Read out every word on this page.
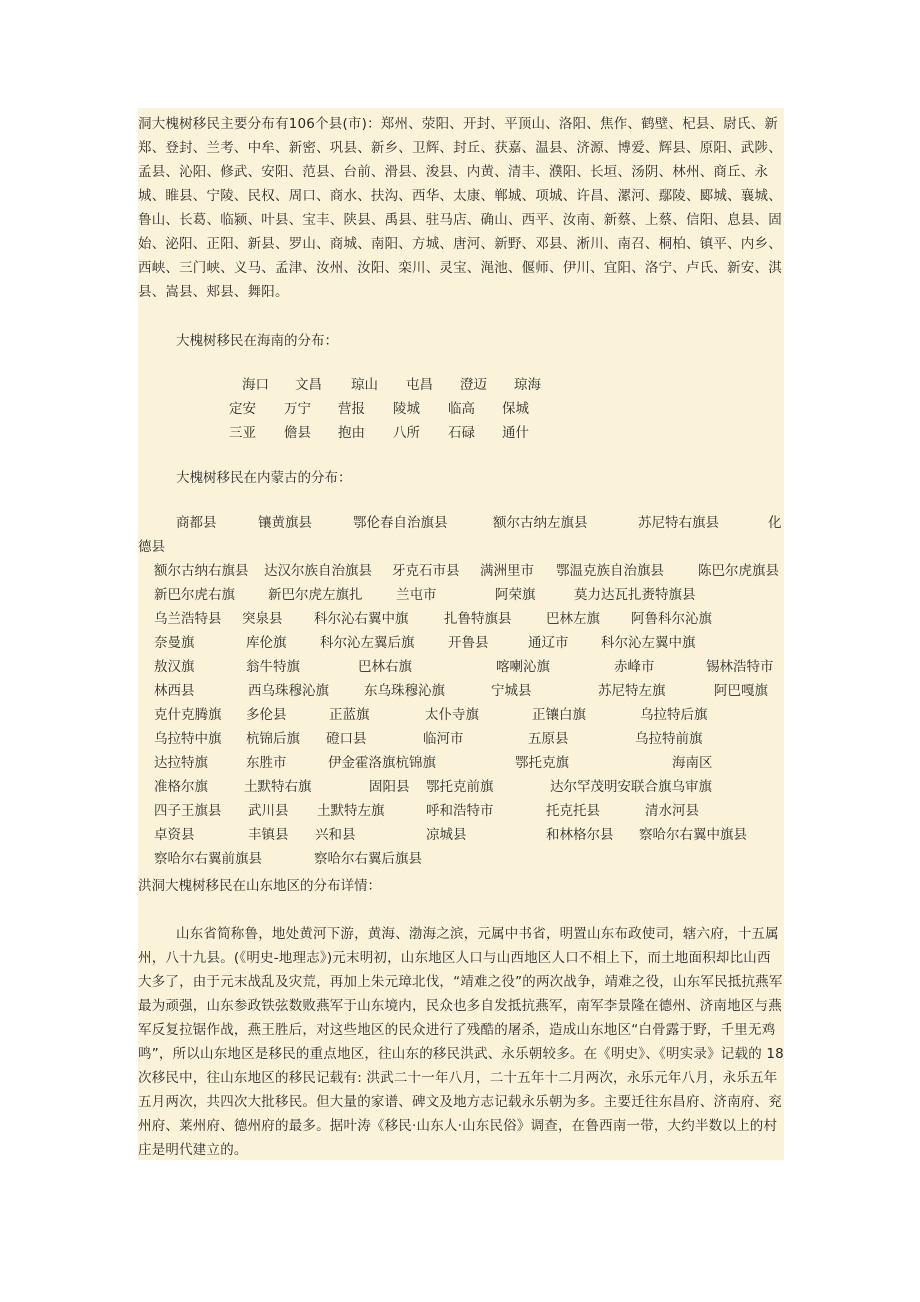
洞大槐树移民主要分布有106个县(市)：郑州、荥阳、开封、平顶山、洛阳、焦作、鹤壁、杞县、尉氏、新郑、登封、兰考、中牟、新密、巩县、新乡、卫辉、封丘、获嘉、温县、济源、博爱、辉县、原阳、武陟、孟县、沁阳、修武、安阳、范县、台前、滑县、浚县、内黄、清丰、濮阳、长垣、汤阴、林州、商丘、永城、睢县、宁陵、民权、周口、商水、扶沟、西华、太康、郸城、项城、许昌、漯河、鄢陵、郾城、襄城、鲁山、长葛、临颍、叶县、宝丰、陕县、禹县、驻马店、确山、西平、汝南、新蔡、上蔡、信阳、息县、固始、泌阳、正阳、新县、罗山、商城、南阳、方城、唐河、新野、邓县、淅川、南召、桐柏、镇平、内乡、西峡、三门峡、义马、孟津、汝州、汝阳、栾川、灵宝、渑池、偃师、伊川、宜阳、洛宁、卢氏、新安、淇县、嵩县、郏县、舞阳。

大槐树移民在海南的分布：
大槐树移民在内蒙古的分布：
洪洞大槐树移民在山东地区的分布详情：

山东省简称鲁，地处黄河下游，黄海、渤海之滨，元属中书省，明置山东布政使司，辖六府，十五属州，八十九县。(《明史-地理志》)元末明初，山东地区人口与山西地区人口不相上下，而土地面积却比山西大多了，由于元末战乱及灾荒，再加上朱元璋北伐，“靖难之役”的两次战争，靖难之役，山东军民抵抗燕军最为顽强，山东参政铁弦数败燕军于山东境内，民众也多自发抵抗燕军，南军李景隆在德州、济南地区与燕军反复拉锯作战，燕王胜后，对这些地区的民众进行了残酷的屠杀，造成山东地区“白骨露于野，千里无鸡鸣”，所以山东地区是移民的重点地区，往山东的移民洪武、永乐朝较多。在《明史》、《明实录》记载的 18 次移民中，往山东地区的移民记载有: 洪武二十一年八月，二十五年十二月两次，永乐元年八月，永乐五年五月两次，共四次大批移民。但大量的家谱、碑文及地方志记载永乐朝为多。主要迁往东昌府、济南府、兖州府、莱州府、德州府的最多。据叶涛《移民·山东人·山东民俗》调查，在鲁西南一带，大约半数以上的村庄是明代建立的。

海口 文昌 琼山 屯昌 澄迈 琼海
定安 万宁 营报 陵城 临高 保城
三亚 儋县 抱由 八所 石碌 通什
商都县	镶黄旗县	鄂伦春自治旗县	额尔古纳左旗县	苏尼特右旗县	化
德县
额尔古纳右旗县 达汉尔族自治旗县 牙克石市县 满洲里市 鄂温克族自治旗县	陈巴尔虎旗县
新巴尔虎右旗 新巴尔虎左旗扎 兰屯市	阿荣旗	莫力达瓦扎赉特旗县
乌兰浩特县 突泉县 科尔沁右翼中旗	扎鲁特旗县	巴林左旗 阿鲁科尔沁旗
奈曼旗	库伦旗 科尔沁左翼后旗 开鲁县	通辽市 科尔沁左翼中旗
敖汉旗	翁牛特旗	巴林右旗	喀喇沁旗	赤峰市	锡林浩特市
林西县	西乌珠穆沁旗	东乌珠穆沁旗	宁城县	苏尼特左旗	阿巴嘎旗
克什克腾旗 多伦县	正蓝旗	太仆寺旗	正镶白旗	乌拉特后旗
乌拉特中旗 杭锦后旗 磴口县	临河市	五原县	乌拉特前旗
达拉特旗	东胜市	伊金霍洛旗杭锦旗	鄂托克旗	海南区
准格尔旗	土默特右旗	固阳县 鄂托克前旗	达尔罕茂明安联合旗乌审旗
四子王旗县 武川县 土默特左旗	呼和浩特市	托克托县	清水河县
卓资县	丰镇县 兴和县	凉城县	和林格尔县 察哈尔右翼中旗县
察哈尔右翼前旗县	察哈尔右翼后旗县
